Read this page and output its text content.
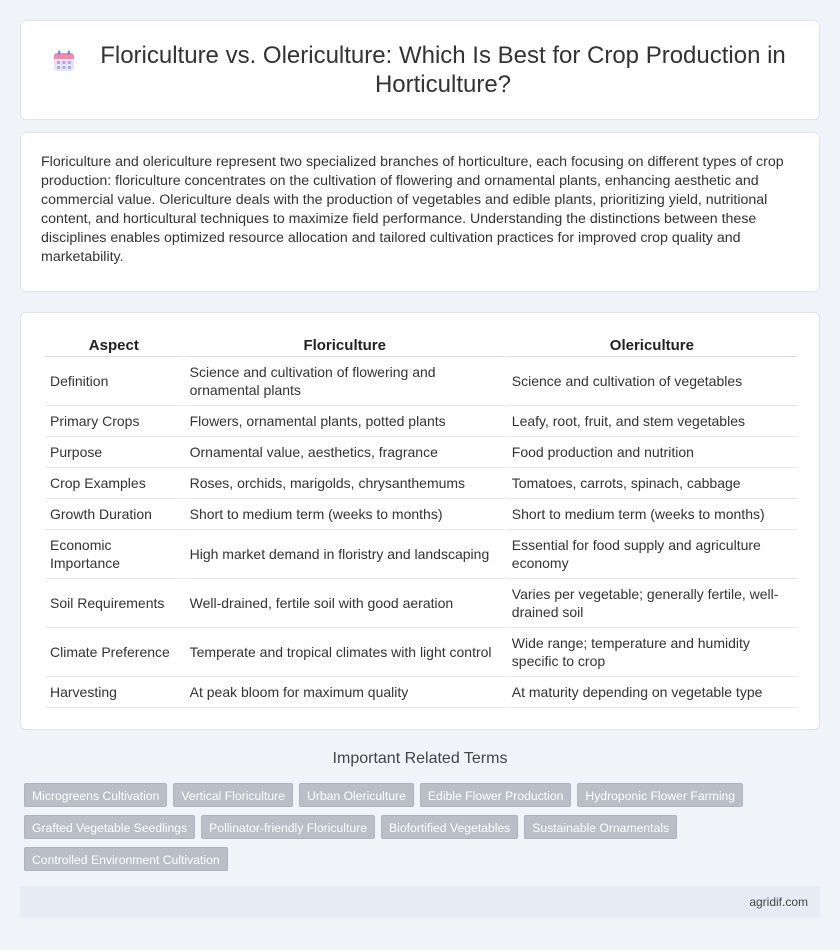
Floriculture vs. Olericulture: Which Is Best for Crop Production in Horticulture?

Floriculture and olericulture represent two specialized branches of horticulture, each focusing on different types of crop production: floriculture concentrates on the cultivation of flowering and ornamental plants, enhancing aesthetic and commercial value. Olericulture deals with the production of vegetables and edible plants, prioritizing yield, nutritional content, and horticultural techniques to maximize field performance. Understanding the distinctions between these disciplines enables optimized resource allocation and tailored cultivation practices for improved crop quality and marketability.

Aspect	Floriculture	Olericulture
Definition	Science and cultivation of flowering and ornamental plants	Science and cultivation of vegetables
Primary Crops	Flowers, ornamental plants, potted plants	Leafy, root, fruit, and stem vegetables
Purpose	Ornamental value, aesthetics, fragrance	Food production and nutrition
Crop Examples	Roses, orchids, marigolds, chrysanthemums	Tomatoes, carrots, spinach, cabbage
Growth Duration	Short to medium term (weeks to months)	Short to medium term (weeks to months)
Economic Importance	High market demand in floristry and landscaping	Essential for food supply and agriculture economy
Soil Requirements	Well-drained, fertile soil with good aeration	Varies per vegetable; generally fertile, well-drained soil
Climate Preference	Temperate and tropical climates with light control	Wide range; temperature and humidity specific to crop
Harvesting	At peak bloom for maximum quality	At maturity depending on vegetable type
Important Related Terms
Microgreens Cultivation	Vertical Floriculture	Urban Olericulture	Edible Flower Production	Hydroponic Flower Farming
Grafted Vegetable Seedlings	Pollinator-friendly Floriculture	Biofortified Vegetables	Sustainable Ornamentals
Controlled Environment Cultivation
agridif.com
